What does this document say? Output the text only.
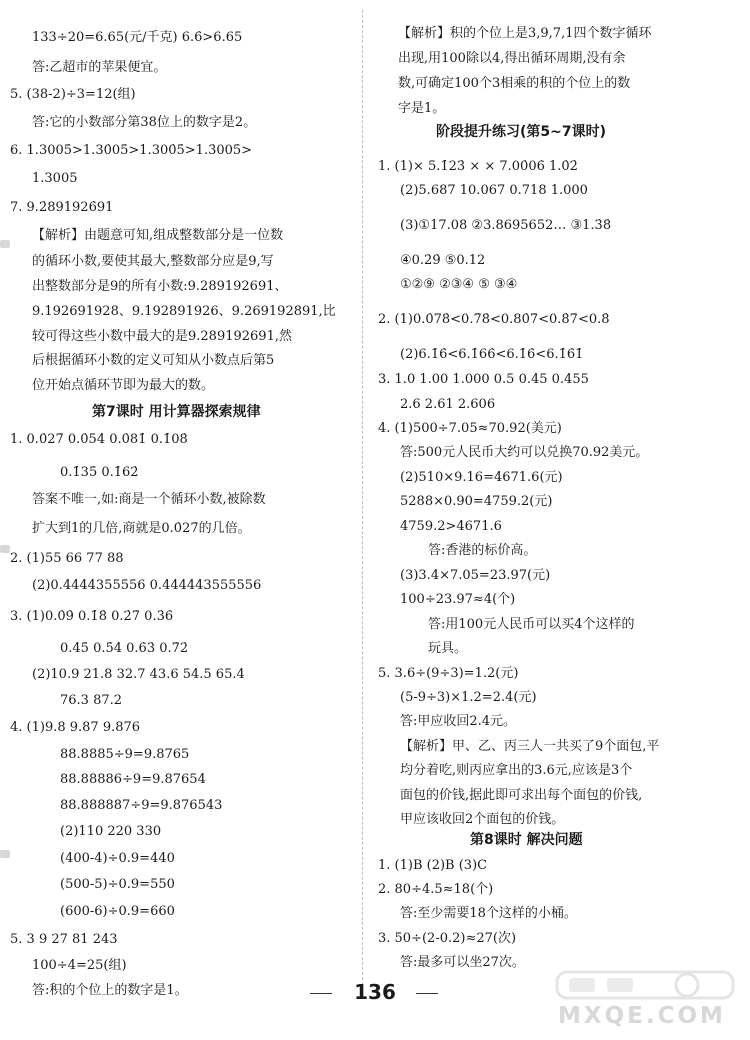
133÷20=6.65(元/千克) 6.6̇>6.65
答:乙超市的苹果便宜。
5. (38-2)÷3=12(组)
答:它的小数部分第38位上的数字是2。
6. 1.3005̇>1.30̇05̇>1.300̇5̇>1.3̇005̇>
1.3005
7. 9.2̇891926̇91
【解析】由题意可知,组成整数部分是一位数
的循环小数,要使其最大,整数部分应是9,写
出整数部分是9的所有小数:9.289192691、
9.192691928、9.192891926、9.269192891,比
较可得这些小数中最大的是9.289192691,然
后根据循环小数的定义可知从小数点后第5
位开始点循环节即为最大的数。
第7课时 用计算器探索规律
1. 0.0̇27̇ 0.0̇54̇ 0.0̇81̇ 0.1̇08̇
0.1̇35̇ 0.1̇62̇
答案不唯一,如:商是一个循环小数,被除数
扩大到1的几倍,商就是0.0̇27̇的几倍。
2. (1)55 66 77 88
(2)0.4444355556 0.444443555556
3. (1)0.0̇9̇ 0.1̇8̇ 0.2̇7̇ 0.3̇6̇
0.4̇5̇ 0.5̇4̇ 0.6̇3̇ 0.7̇2̇
(2)10.9 21.8 32.7 43.6 54.5 65.4
76.3 87.2
4. (1)9.8 9.87 9.876
88.8885÷9=9.8765
88.88886÷9=9.87654
88.888887÷9=9.876543
(2)110 220 330
(400-4)÷0.9=440
(500-5)÷0.9=550
(600-6)÷0.9=660
5. 3 9 27 81 243
100÷4=25(组)
答:积的个位上的数字是1。
【解析】积的个位上是3,9,7,1四个数字循环
出现,用100除以4,得出循环周期,没有余
数,可确定100个3相乘的积的个位上的数
字是1。
阶段提升练习(第5~7课时)
1. (1)× 5.1̇23̇ × × 7.00̇06̇ 1.0̇2̇
(2)5.687 10.067 0.718 1.000
(3)①17.08 ②3.8695652… ③1.3̇8̇
④0.2̇9̇ ⑤0.12
①②⑨ ②③④ ⑤ ③④
2. (1)0.0̇78̇<0.7̇8̇<0.80̇7̇<0.8̇7̇<0.8̇
(2)6.1̇6̇<6.1̇66̇<6.1̇6̇<6.1̇6̇1̇
3. 1.0 1.00 1.000 0.5 0.45 0.455
2.6 2.61 2.606
4. (1)500÷7.05≈70.92(美元)
答:500元人民币大约可以兑换70.92美元。
(2)510×9.16=4671.6(元)
5288×0.90=4759.2(元)
4759.2>4671.6
答:香港的标价高。
(3)3.4×7.05=23.97(元)
100÷23.97≈4(个)
答:用100元人民币可以买4个这样的
玩具。
5. 3.6÷(9÷3)=1.2(元)
(5-9÷3)×1.2=2.4(元)
答:甲应收回2.4元。
【解析】甲、乙、丙三人一共买了9个面包,平
均分着吃,则丙应拿出的3.6元,应该是3个
面包的价钱,据此即可求出每个面包的价钱,
甲应该收回2个面包的价钱。
第8课时 解决问题
1. (1)B (2)B (3)C
2. 80÷4.5≈18(个)
答:至少需要18个这样的小桶。
3. 50÷(2-0.2)≈27(次)
答:最多可以坐27次。
136
MXQE.COM
